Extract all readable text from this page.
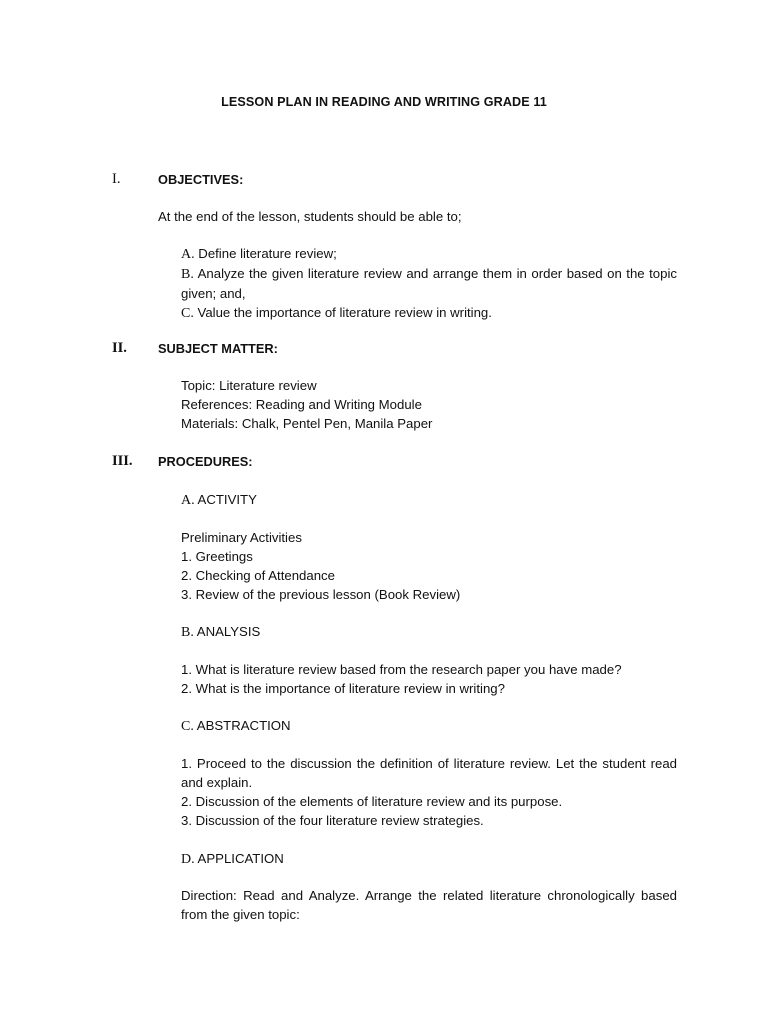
LESSON PLAN IN READING AND WRITING GRADE 11
I.	OBJECTIVES:
At the end of the lesson, students should be able to;
A. Define literature review;
B. Analyze the given literature review and arrange them in order based on the topic given; and,
C. Value the importance of literature review in writing.
II. SUBJECT MATTER:
Topic: Literature review
References: Reading and Writing Module
Materials: Chalk, Pentel Pen, Manila Paper
III. PROCEDURES:
A. ACTIVITY
Preliminary Activities
1. Greetings
2. Checking of Attendance
3. Review of the previous lesson (Book Review)
B. ANALYSIS
1. What is literature review based from the research paper you have made?
2. What is the importance of literature review in writing?
C. ABSTRACTION
1. Proceed to the discussion the definition of literature review. Let the student read and explain.
2. Discussion of the elements of literature review and its purpose.
3. Discussion of the four literature review strategies.
D. APPLICATION
Direction: Read and Analyze. Arrange the related literature chronologically based from the given topic:
